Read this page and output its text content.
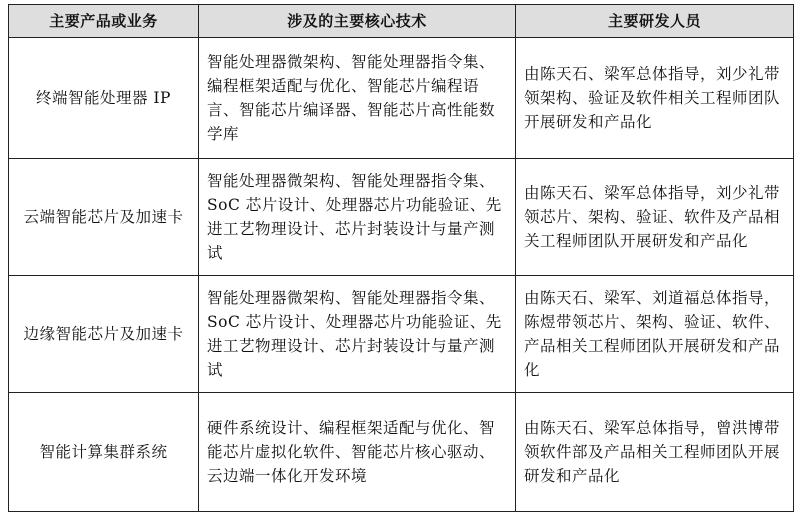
主要产品或业务	涉及的主要核心技术	主要研发人员
终端智能处理器 IP	智能处理器微架构、智能处理器指令集、编程框架适配与优化、智能芯片编程语言、智能芯片编译器、智能芯片高性能数学库	由陈天石、梁军总体指导，刘少礼带领架构、验证及软件相关工程师团队开展研发和产品化
云端智能芯片及加速卡	智能处理器微架构、智能处理器指令集、SoC 芯片设计、处理器芯片功能验证、先进工艺物理设计、芯片封装设计与量产测试	由陈天石、梁军总体指导，刘少礼带领芯片、架构、验证、软件及产品相关工程师团队开展研发和产品化
边缘智能芯片及加速卡	智能处理器微架构、智能处理器指令集、SoC 芯片设计、处理器芯片功能验证、先进工艺物理设计、芯片封装设计与量产测试	由陈天石、梁军、刘道福总体指导，陈煜带领芯片、架构、验证、软件、产品相关工程师团队开展研发和产品化
智能计算集群系统	硬件系统设计、编程框架适配与优化、智能芯片虚拟化软件、智能芯片核心驱动、云边端一体化开发环境	由陈天石、梁军总体指导，曾洪博带领软件部及产品相关工程师团队开展研发和产品化
